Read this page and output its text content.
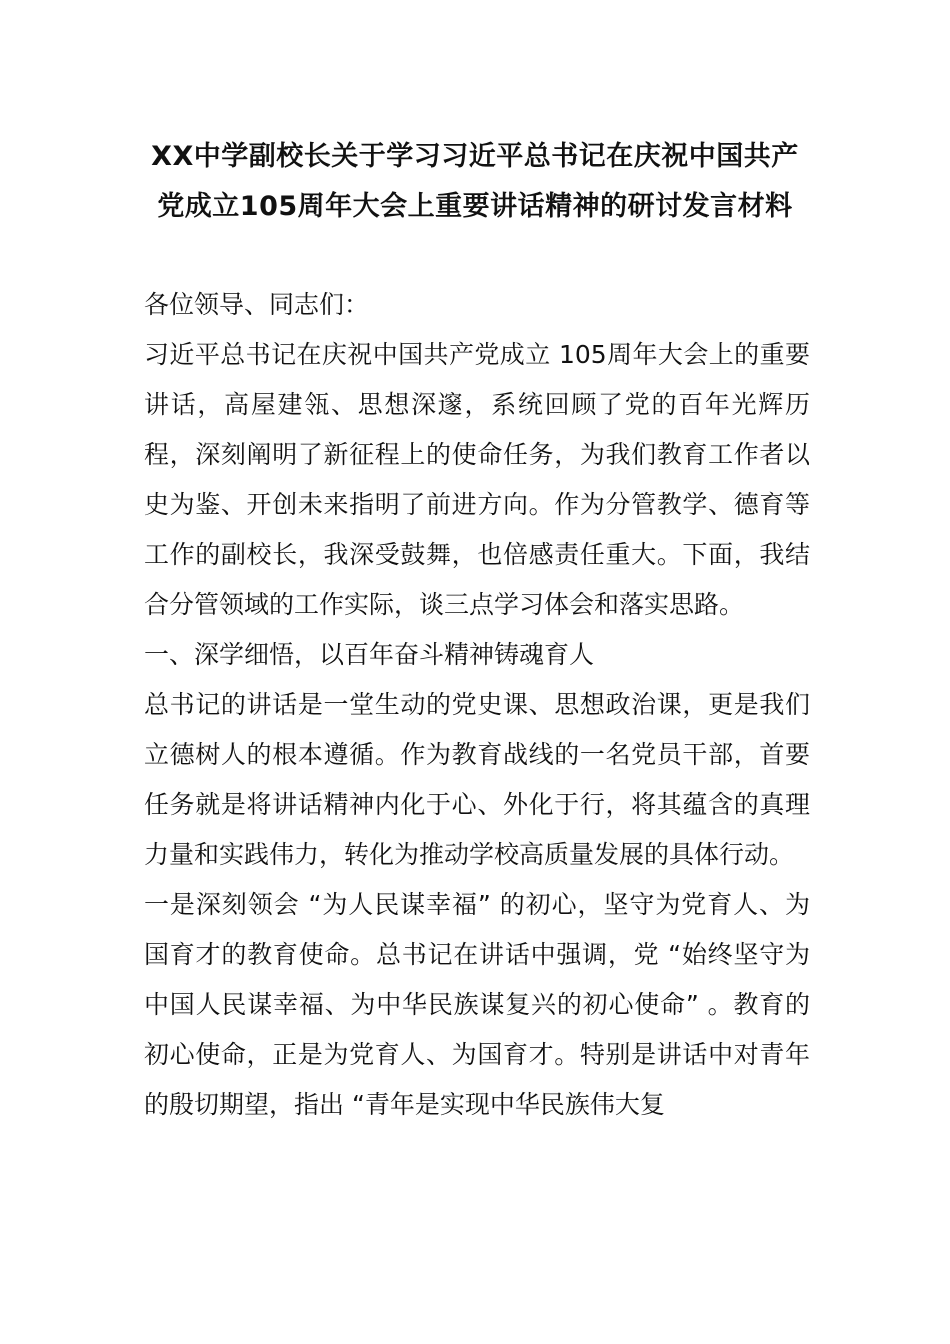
XX中学副校长关于学习习近平总书记在庆祝中国共产党成立105周年大会上重要讲话精神的研讨发言材料

各位领导、同志们：

习近平总书记在庆祝中国共产党成立 105周年大会上的重要讲话，高屋建瓴、思想深邃，系统回顾了党的百年光辉历程，深刻阐明了新征程上的使命任务，为我们教育工作者以史为鉴、开创未来指明了前进方向。作为分管教学、德育等工作的副校长，我深受鼓舞，也倍感责任重大。下面，我结合分管领域的工作实际，谈三点学习体会和落实思路。

一、深学细悟，以百年奋斗精神铸魂育人

总书记的讲话是一堂生动的党史课、思想政治课，更是我们立德树人的根本遵循。作为教育战线的一名党员干部，首要任务就是将讲话精神内化于心、外化于行，将其蕴含的真理力量和实践伟力，转化为推动学校高质量发展的具体行动。

一是深刻领会 “为人民谋幸福” 的初心，坚守为党育人、为国育才的教育使命。总书记在讲话中强调，党 “始终坚守为中国人民谋幸福、为中华民族谋复兴的初心使命” 。教育的初心使命，正是为党育人、为国育才。特别是讲话中对青年的殷切期望，指出 “青年是实现中华民族伟大复
